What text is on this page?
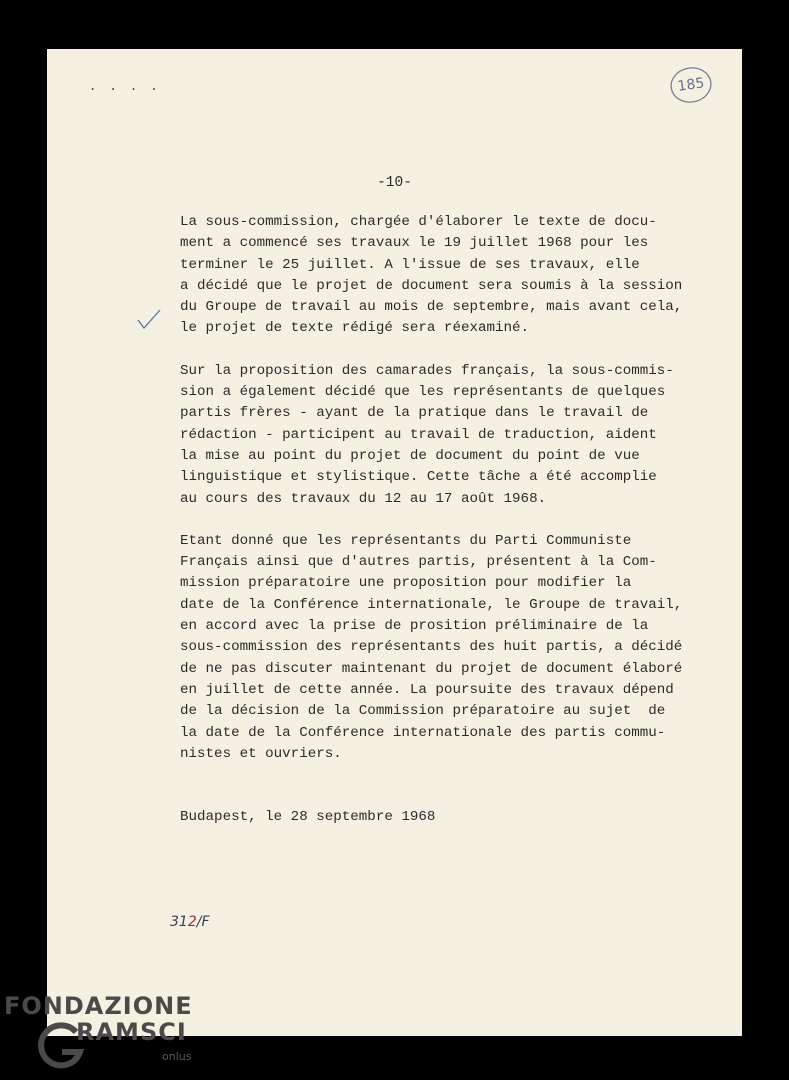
. . . .	185
-10-
La sous-commission, chargée d'élaborer le texte de docu-
ment a commencé ses travaux le 19 juillet 1968 pour les
terminer le 25 juillet. A l'issue de ses travaux, elle
a décidé que le projet de document sera soumis à la session
du Groupe de travail au mois de septembre, mais avant cela,
le projet de texte rédigé sera réexaminé.
Sur la proposition des camarades français, la sous-commis-
sion a également décidé que les représentants de quelques
partis frères - ayant de la pratique dans le travail de
rédaction - participent au travail de traduction, aident
la mise au point du projet de document du point de vue
linguistique et stylistique. Cette tâche a été accomplie
au cours des travaux du 12 au 17 août 1968.
Etant donné que les représentants du Parti Communiste
Français ainsi que d'autres partis, présentent à la Com-
mission préparatoire une proposition pour modifier la
date de la Conférence internationale, le Groupe de travail,
en accord avec la prise de prosition préliminaire de la
sous-commission des représentants des huit partis, a décidé
de ne pas discuter maintenant du projet de document élaboré
en juillet de cette année. La poursuite des travaux dépend
de la décision de la Commission préparatoire au sujet  de
la date de la Conférence internationale des partis commu-
nistes et ouvriers.
Budapest, le 28 septembre 1968
312/F
FONDAZIONE
RAMSCI
onlus
